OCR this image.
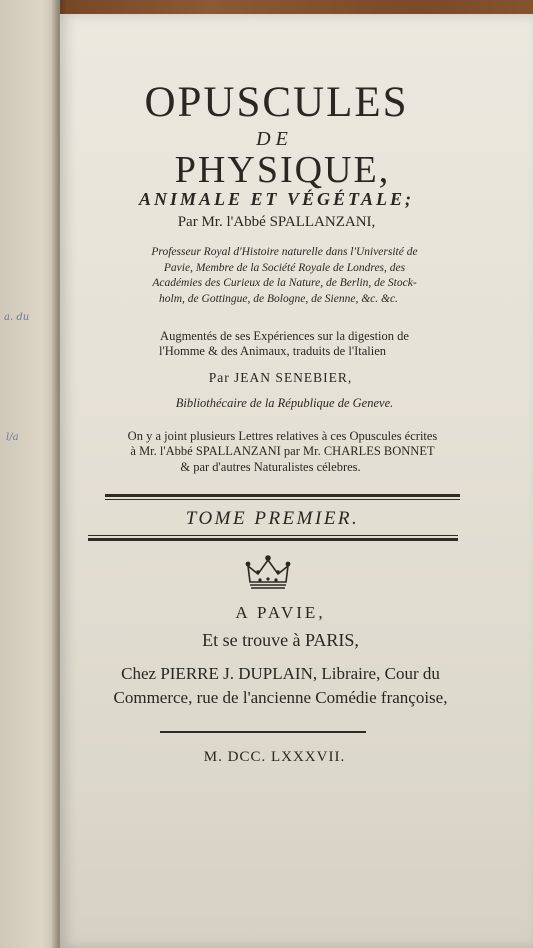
a. du
l/a
OPUSCULES
DE
PHYSIQUE,
ANIMALE ET VÉGÉTALE;
Par Mr. l'Abbé SPALLANZANI,
Professeur Royal d'Histoire naturelle dans l'Université de
Pavie, Membre de la Société Royale de Londres, des
Académies des Curieux de la Nature, de Berlin, de Stock-
holm, de Gottingue, de Bologne, de Sienne, &c. &c.
Augmentés de ses Expériences sur la digestion de
l'Homme & des Animaux, traduits de l'Italien
Par JEAN SENEBIER,
Bibliothécaire de la République de Geneve.
On y a joint plusieurs Lettres relatives à ces Opuscules écrites
à Mr. l'Abbé SPALLANZANI par Mr. CHARLES BONNET
& par d'autres Naturalistes célebres.
TOME PREMIER.
A PAVIE,
Et se trouve à PARIS,
Chez PIERRE J. DUPLAIN, Libraire, Cour du
Commerce, rue de l'ancienne Comédie françoise,
M. DCC. LXXXVII.
